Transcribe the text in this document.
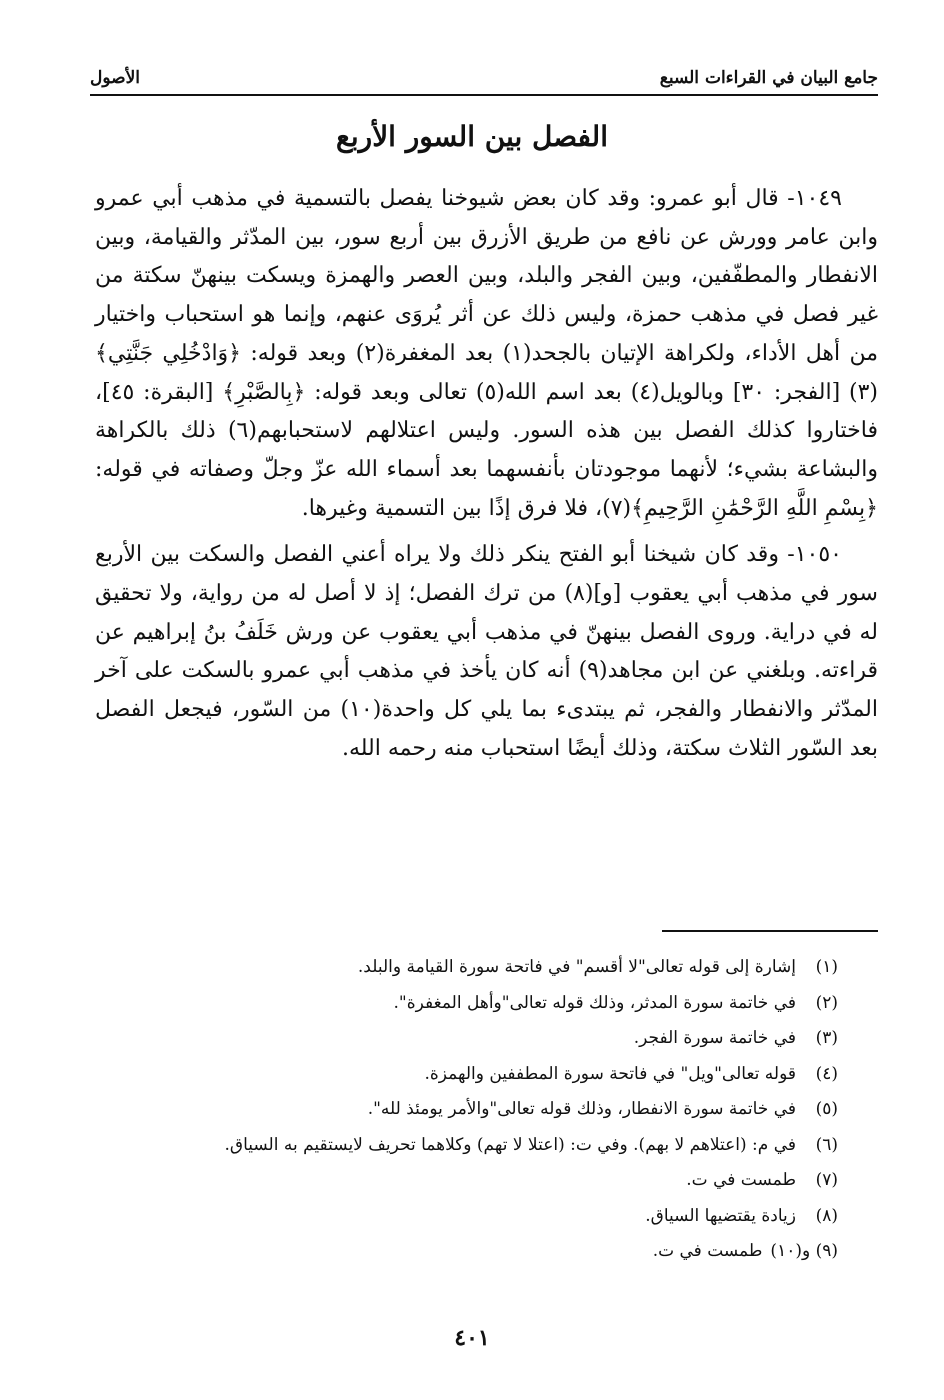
جامع البيان في القراءات السبع
الأصول
الفصل بين السور الأربع

١٠٤٩- قال أبو عمرو: وقد كان بعض شيوخنا يفصل بالتسمية في مذهب أبي عمرو وابن عامر وورش عن نافع من طريق الأزرق بين أربع سور، بين المدّثر والقيامة، وبين الانفطار والمطفّفين، وبين الفجر والبلد، وبين العصر والهمزة ويسكت بينهنّ سكتة من غير فصل في مذهب حمزة، وليس ذلك عن أثر يُروَى عنهم، وإنما هو استحباب واختيار من أهل الأداء، ولكراهة الإتيان بالجحد(١) بعد المغفرة(٢) وبعد قوله: ﴿وَادْخُلِي جَنَّتِي﴾(٣) [الفجر: ٣٠] وبالويل(٤) بعد اسم الله(٥) تعالى وبعد قوله: ﴿بِالصَّبْرِ﴾ [البقرة: ٤٥]، فاختاروا كذلك الفصل بين هذه السور. وليس اعتلالهم لاستحبابهم(٦) ذلك بالكراهة والبشاعة بشيء؛ لأنهما موجودتان بأنفسهما بعد أسماء الله عزّ وجلّ وصفاته في قوله: ﴿بِسْمِ اللَّهِ الرَّحْمَٰنِ الرَّحِيمِ﴾(٧)، فلا فرق إذًا بين التسمية وغيرها.

١٠٥٠- وقد كان شيخنا أبو الفتح ينكر ذلك ولا يراه أعني الفصل والسكت بين الأربع سور في مذهب أبي يعقوب [و](٨) من ترك الفصل؛ إذ لا أصل له من رواية، ولا تحقيق له في دراية. وروى الفصل بينهنّ في مذهب أبي يعقوب عن ورش خَلَفُ بنُ إبراهيم عن قراءته. وبلغني عن ابن مجاهد(٩) أنه كان يأخذ في مذهب أبي عمرو بالسكت على آخر المدّثر والانفطار والفجر، ثم يبتدىء بما يلي كل واحدة(١٠) من السّور، فيجعل الفصل بعد السّور الثلاث سكتة، وذلك أيضًا استحباب منه رحمه الله.

(١)
إشارة إلى قوله تعالى"لا أقسم" في فاتحة سورة القيامة والبلد.
(٢)
في خاتمة سورة المدثر، وذلك قوله تعالى"وأهل المغفرة".
(٣)
في خاتمة سورة الفجر.
(٤)
قوله تعالى"ويل" في فاتحة سورة المطففين والهمزة.
(٥)
في خاتمة سورة الانفطار، وذلك قوله تعالى"والأمر يومئذ لله".
(٦)
في م: (اعتلاهم لا بهم). وفي ت: (اعتلا لا تهم) وكلاهما تحريف لايستقيم به السياق.
(٧)
طمست في ت.
(٨)
زيادة يقتضيها السياق.
(٩) و(١٠)
طمست في ت.
٤٠١
